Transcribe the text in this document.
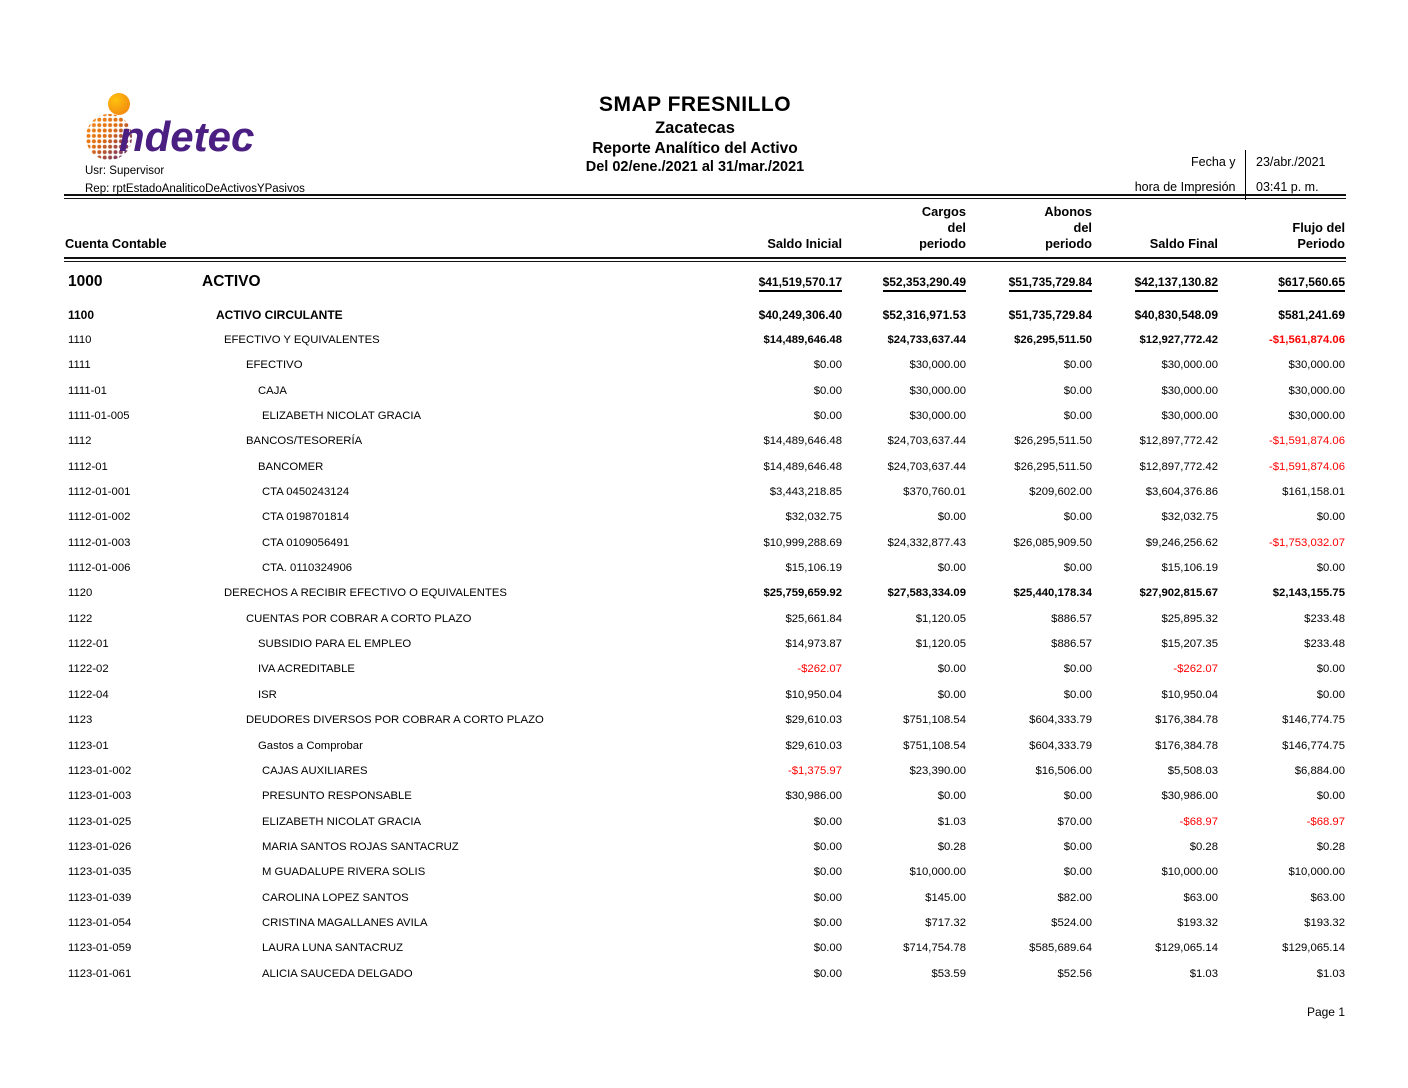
ndetec
Usr: Supervisor
Rep: rptEstadoAnaliticoDeActivosYPasivos
SMAP FRESNILLO
Zacatecas
Reporte Analítico del Activo
Del 02/ene./2021 al 31/mar./2021	Fecha y
hora de Impresión
23/abr./2021
03:41 p. m.
Cuenta Contable	Saldo Inicial
Cargos
del
periodo
Abonos
del
periodo	Saldo Final
Flujo del
Periodo
1000	ACTIVO	$41,519,570.17	$52,353,290.49	$51,735,729.84	$42,137,130.82	$617,560.65
1100	ACTIVO CIRCULANTE	$40,249,306.40	$52,316,971.53	$51,735,729.84	$40,830,548.09	$581,241.69
1110	EFECTIVO Y EQUIVALENTES	$14,489,646.48	$24,733,637.44	$26,295,511.50	$12,927,772.42	-$1,561,874.06
1111	EFECTIVO	$0.00	$30,000.00	$0.00	$30,000.00	$30,000.00
1111-01	CAJA	$0.00	$30,000.00	$0.00	$30,000.00	$30,000.00
1111-01-005	ELIZABETH NICOLAT GRACIA	$0.00	$30,000.00	$0.00	$30,000.00	$30,000.00
1112	BANCOS/TESORERÍA	$14,489,646.48	$24,703,637.44	$26,295,511.50	$12,897,772.42	-$1,591,874.06
1112-01	BANCOMER	$14,489,646.48	$24,703,637.44	$26,295,511.50	$12,897,772.42	-$1,591,874.06
1112-01-001	CTA 0450243124	$3,443,218.85	$370,760.01	$209,602.00	$3,604,376.86	$161,158.01
1112-01-002	CTA 0198701814	$32,032.75	$0.00	$0.00	$32,032.75	$0.00
1112-01-003	CTA 0109056491	$10,999,288.69	$24,332,877.43	$26,085,909.50	$9,246,256.62	-$1,753,032.07
1112-01-006	CTA. 0110324906	$15,106.19	$0.00	$0.00	$15,106.19	$0.00
1120	DERECHOS A RECIBIR EFECTIVO O EQUIVALENTES	$25,759,659.92	$27,583,334.09	$25,440,178.34	$27,902,815.67	$2,143,155.75
1122	CUENTAS POR COBRAR A CORTO PLAZO	$25,661.84	$1,120.05	$886.57	$25,895.32	$233.48
1122-01	SUBSIDIO PARA EL EMPLEO	$14,973.87	$1,120.05	$886.57	$15,207.35	$233.48
1122-02	IVA ACREDITABLE	-$262.07	$0.00	$0.00	-$262.07	$0.00
1122-04	ISR	$10,950.04	$0.00	$0.00	$10,950.04	$0.00
1123	DEUDORES DIVERSOS POR COBRAR A CORTO PLAZO	$29,610.03	$751,108.54	$604,333.79	$176,384.78	$146,774.75
1123-01	Gastos a Comprobar	$29,610.03	$751,108.54	$604,333.79	$176,384.78	$146,774.75
1123-01-002	CAJAS AUXILIARES	-$1,375.97	$23,390.00	$16,506.00	$5,508.03	$6,884.00
1123-01-003	PRESUNTO RESPONSABLE	$30,986.00	$0.00	$0.00	$30,986.00	$0.00
1123-01-025	ELIZABETH NICOLAT GRACIA	$0.00	$1.03	$70.00	-$68.97	-$68.97
1123-01-026	MARIA SANTOS ROJAS SANTACRUZ	$0.00	$0.28	$0.00	$0.28	$0.28
1123-01-035	M GUADALUPE RIVERA SOLIS	$0.00	$10,000.00	$0.00	$10,000.00	$10,000.00
1123-01-039	CAROLINA LOPEZ SANTOS	$0.00	$145.00	$82.00	$63.00	$63.00
1123-01-054	CRISTINA MAGALLANES AVILA	$0.00	$717.32	$524.00	$193.32	$193.32
1123-01-059	LAURA LUNA SANTACRUZ	$0.00	$714,754.78	$585,689.64	$129,065.14	$129,065.14
1123-01-061	ALICIA SAUCEDA DELGADO	$0.00	$53.59	$52.56	$1.03	$1.03
Page 1
